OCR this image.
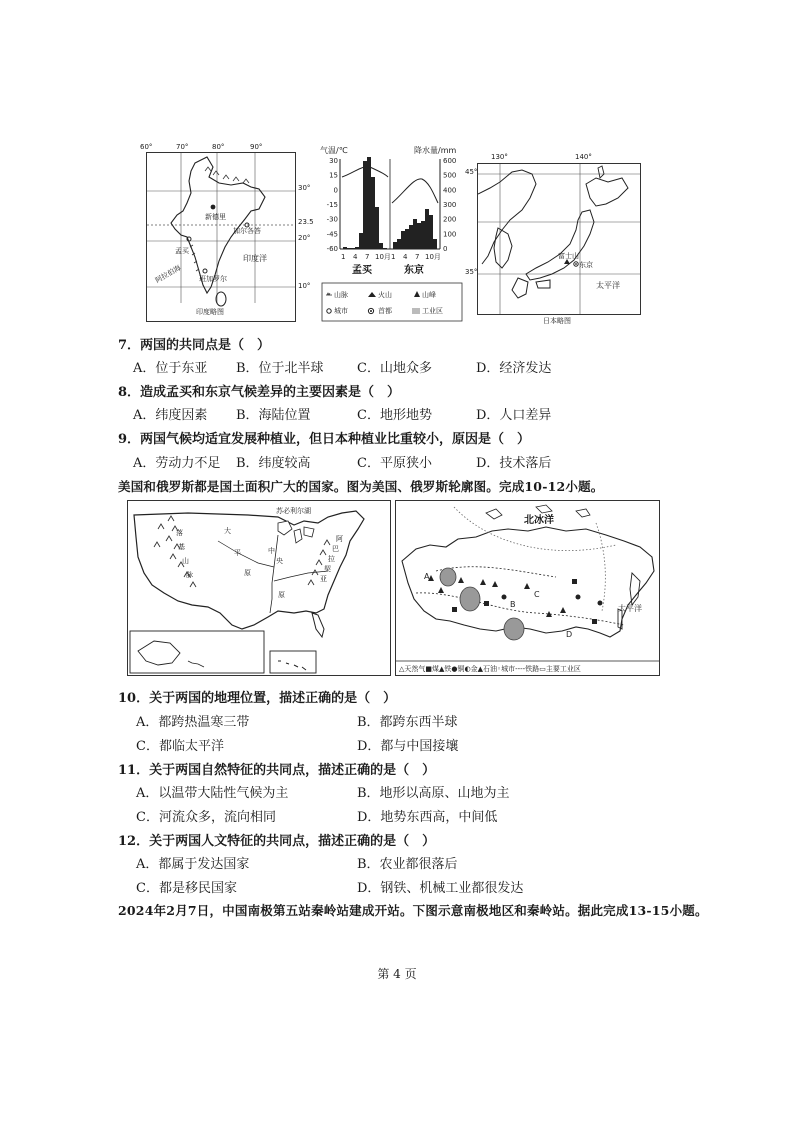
新德里
加尔各答
孟买
班加罗尔
印度洋
阿拉伯海
60°	70°	80°	90°
30°
23.5
20°
10°
印度略图
气温/℃	降水量/mm
30
15
0
-15
-30
-45
-60
600
500
400
300
200
100
0
1 4 7 10月 1 4 7 10月
孟买	东京
山脉	火山	山峰
城市	首都	工业区
富士山
东京
太平洋
130°	140°
45°
35°
日本略图
7．两国的共同点是（　）
A．位于东亚 B．位于北半球	C．山地众多	D．经济发达
8．造成孟买和东京气候差异的主要因素是（　）
A．纬度因素 B．海陆位置	C．地形地势	D．人口差异
9．两国气候均适宜发展种植业，但日本种植业比重较小，原因是（　）
A．劳动力不足 B．纬度较高	C．平原狭小	D．技术落后
美国和俄罗斯都是国土面积广大的国家。图为美国、俄罗斯轮廓图。完成10-12小题。
落
基
山
脉
大
平
原
中
央
原
阿
巴
拉
契
亚
苏必利尔湖
北冰洋
太平洋
A
B
C
D
△天然气■煤▲铁●铜◐金▲石油◦城市----铁路▭主要工业区
10．关于两国的地理位置，描述正确的是（　）
A．都跨热温寒三带	B．都跨东西半球
C．都临太平洋	D．都与中国接壤
11．关于两国自然特征的共同点，描述正确的是（　）
A．以温带大陆性气候为主	B．地形以高原、山地为主
C．河流众多，流向相同	D．地势东西高，中间低
12．关于两国人文特征的共同点，描述正确的是（　）
A．都属于发达国家	B．农业都很落后
C．都是移民国家	D．钢铁、机械工业都很发达
2024年2月7日，中国南极第五站秦岭站建成开站。下图示意南极地区和秦岭站。据此完成13-15小题。
第 4 页
